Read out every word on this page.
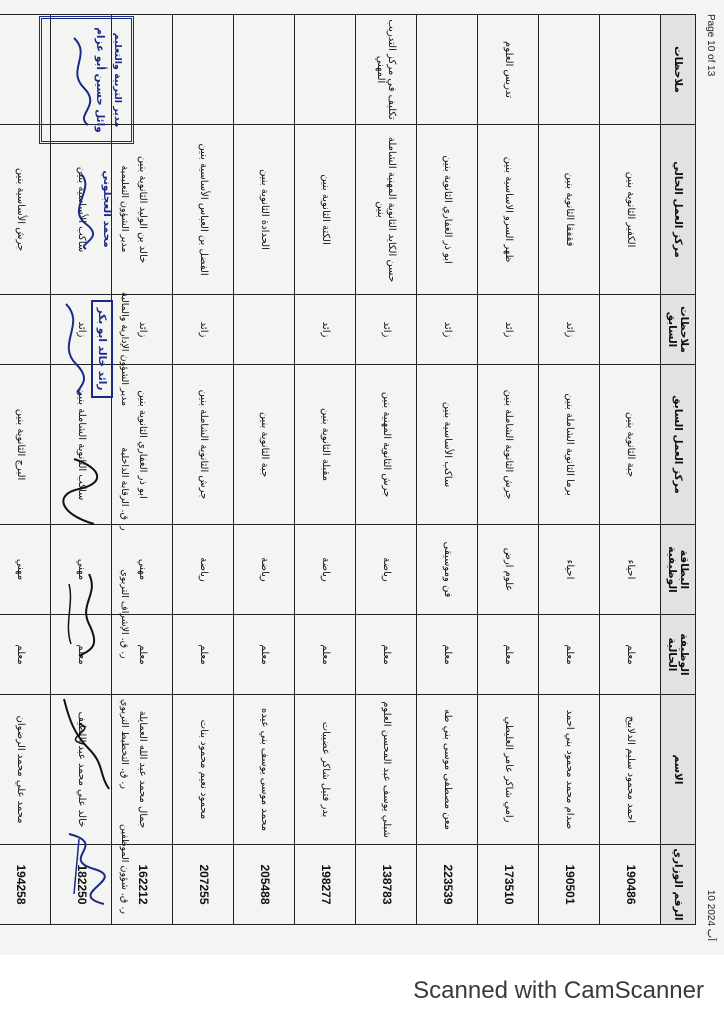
Page 10 of 13
10 آب 2024
الرقم الوزاري	الاسم	الوظيفة الحالية	البطاقة الوظيفية	مركز العمل السابق	ملاحظات السابق	مركز العمل الحالي	ملاحظات
190486	احمد محمود سليم الدلابيح	معلم	احياء	جبة الثانوية بنين		الكفير الثانوية بنين	
190501	صدام محمد محمود بني احمد	معلم	احياء	برما الثانوية الشاملة بنين	زائد	فقفقا الثانوية بنين	
173510	رامي شاكر عامر العليطي	معلم	علوم ارض	جرش الثانوية الشاملة بنين	زائد	ظهر السرو الاساسية بنين	تدريس العلوم
223539	معن مصطفى موسى بني طه	معلم	فن وموسيقى	ساكب الأساسية بنين	زائد	ابو ذر الغفاري الثانوية بنين	
138783	شبلي يوسف عبد المحسن العلوم	معلم	رياضة	جرش الثانوية المهنية بنين	زائد	حسن الكايد الثانوية المهنية الشاملة بنين	تكليف في مركز التدريب المهني
198277	بدر فتيل شاكر عضيبات	معلم	رياضة	مقبلة الثانوية بنين	زائد	الكتة الثانوية بنين	
205488	محمد موسى يوسف بني عيده	معلم	رياضة	جبة الثانوية بنين		الحدادة الثانوية بنين	
207255	محمود نعيم محمود بنات	معلم	رياضة	جرش الثانوية الشاملة بنين	زائد	الفضل بن العباس الأساسية بنين	
162212	جمال محمد عبد الله العمايلة	معلم	مهني	ابو ذر الغفاري الثانوية بنين	زائد	خالد بن الوليد الثانوية بنين	
182250	خالد علي محمد عبد اللطيف	معلم	مهني	ساكب الثانوية الشاملة بنين	زائد	ساكب الأساسية بنين	
194258	محمد علي محمد الرضوان	معلم	مهني	البرج الثانوية بنين		جرش الأساسية بنين	

ر. ق. شؤون الموظفين
ر. ق. التخطيط التربوي
ر. ق. الإشراف التربوي
ر. ق. الرقابة الداخلية
مدير الشؤون الإدارية والمالية
رائد خالد ابو بكر
مدير الشؤون التعليمية
محمد العجلوني
مدير التربية والتعليم
وائل حسين أبو عزام
Scanned with CamScanner
